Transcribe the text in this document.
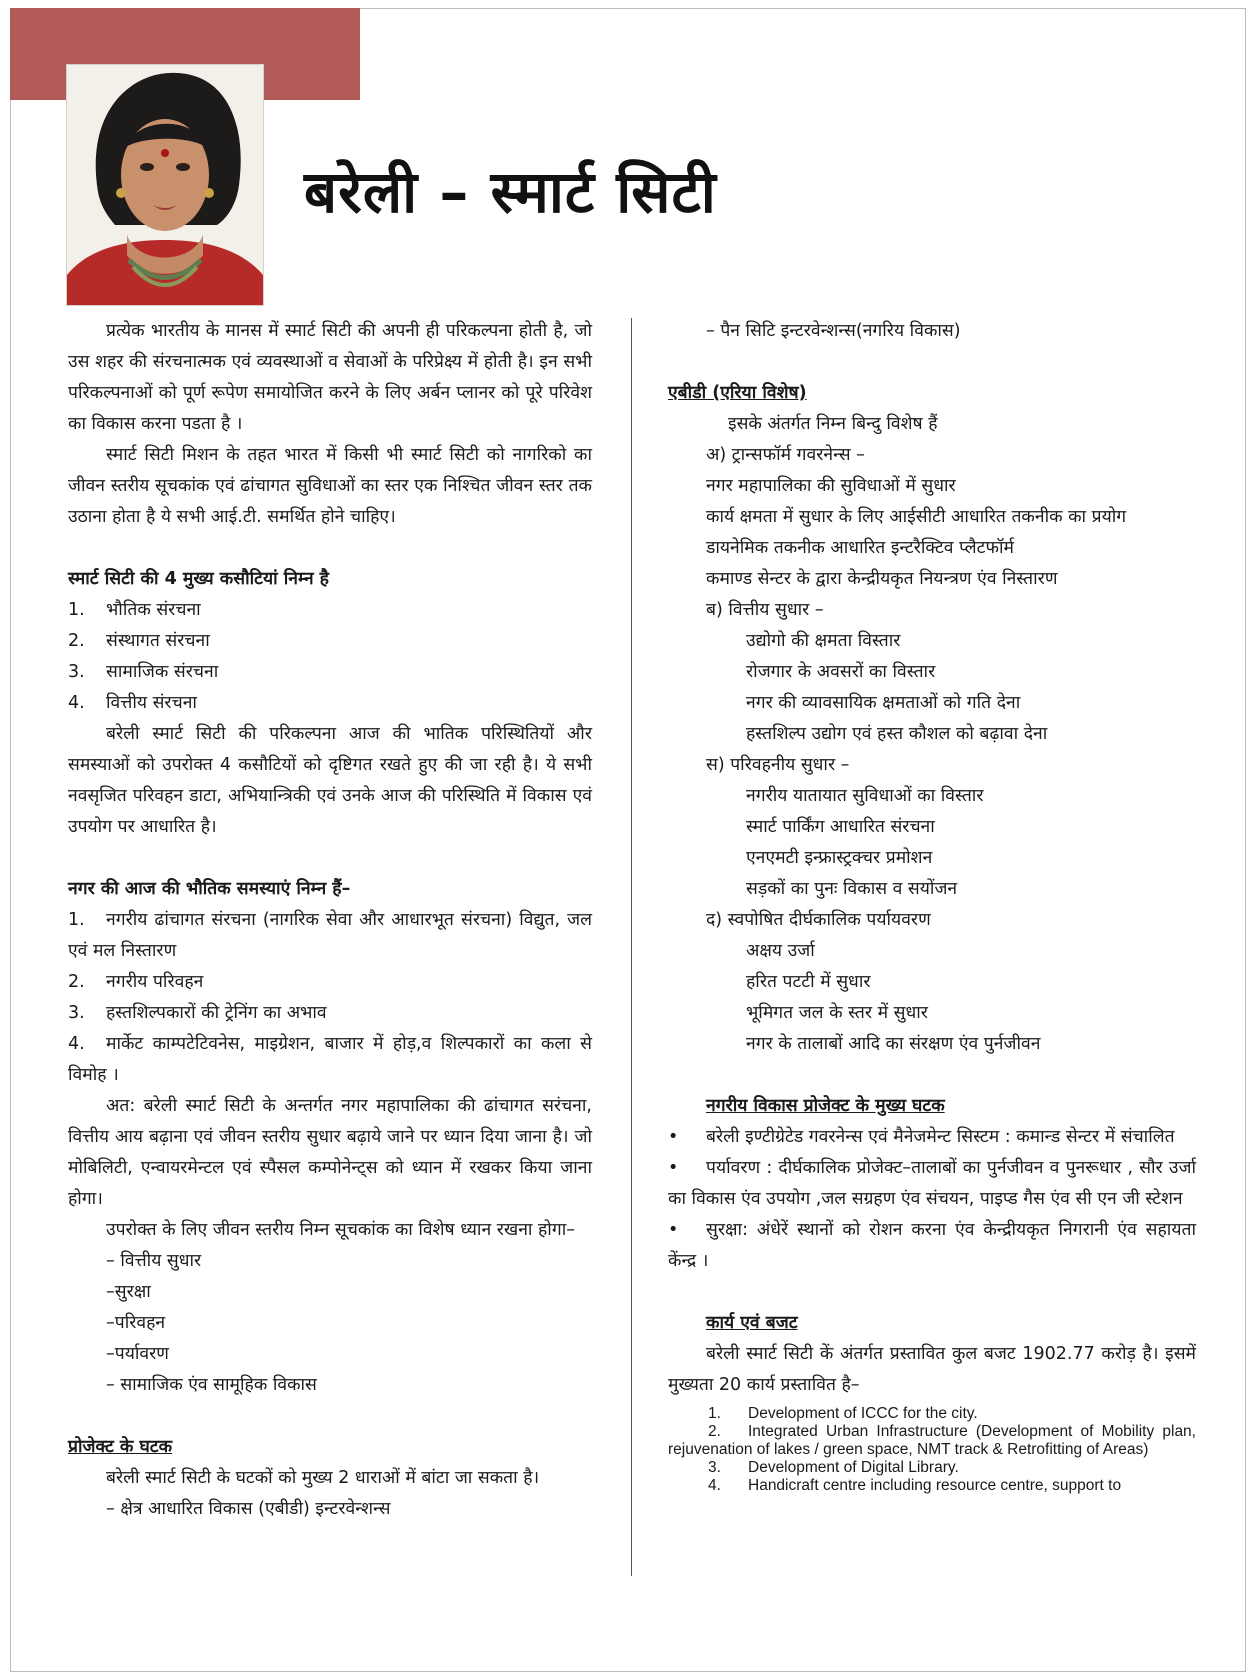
बरेली – स्मार्ट सिटी

प्रत्येक भारतीय के मानस में स्मार्ट सिटी की अपनी ही परिकल्पना होती है, जो उस शहर की संरचनात्मक एवं व्यवस्थाओं व सेवाओं के परिप्रेक्ष्य में होती है। इन सभी परिकल्पनाओं को पूर्ण रूपेण समायोजित करने के लिए अर्बन प्लानर को पूरे परिवेश का विकास करना पडता है ।

स्मार्ट सिटी मिशन के तहत भारत में किसी भी स्मार्ट सिटी को नागरिको का जीवन स्तरीय सूचकांक एवं ढांचागत सुविधाओं का स्तर एक निश्चित जीवन स्तर तक उठाना होता है ये सभी आई.टी. समर्थित होने चाहिए।

स्मार्ट सिटी की 4 मुख्य कसौटियां निम्न है

1.	भौतिक संरचना
2.	संस्थागत संरचना
3.	सामाजिक संरचना
4.	वित्तीय संरचना

बरेली स्मार्ट सिटी की परिकल्पना आज की भातिक परिस्थितियों और समस्याओं को उपरोक्त 4 कसौटियों को दृष्टिगत रखते हुए की जा रही है। ये सभी नवसृजित परिवहन डाटा, अभियान्त्रिकी एवं उनके आज की परिस्थिति में विकास एवं उपयोग पर आधारित है।

नगर की आज की भौतिक समस्याएं निम्न हैं–

1. नगरीय ढांचागत संरचना (नागरिक सेवा और आधारभूत संरचना) विद्युत, जल एवं मल निस्तारण

2. नगरीय परिवहन

3. हस्तशिल्पकारों की ट्रेनिंग का अभाव

4. मार्केट काम्पटेटिवनेस, माइग्रेशन, बाजार में होड़,व शिल्पकारों का कला से विमोह ।

अत: बरेली स्मार्ट सिटी के अन्तर्गत नगर महापालिका की ढांचागत सरंचना, वित्तीय आय बढ़ाना एवं जीवन स्तरीय सुधार बढ़ाये जाने पर ध्यान दिया जाना है। जो मोबिलिटी, एन्वायरमेन्टल एवं स्पैसल कम्पोनेन्ट्स को ध्यान में रखकर किया जाना होगा।

उपरोक्त के लिए जीवन स्तरीय निम्न सूचकांक का विशेष ध्यान रखना होगा–

– वित्तीय सुधार

–सुरक्षा

–परिवहन

–पर्यावरण

– सामाजिक एंव सामूहिक विकास

प्रोजेक्ट के घटक

बरेली स्मार्ट सिटी के घटकों को मुख्य 2 धाराओं में बांटा जा सकता है।

– क्षेत्र आधारित विकास (एबीडी) इन्टरवेन्शन्स

– पैन सिटि इन्टरवेन्शन्स(नगरिय विकास)

एबीडी (एरिया विशेष)

इसके अंतर्गत निम्न बिन्दु विशेष हैं

अ) ट्रान्सफॉर्म गवरनेन्स –

नगर महापालिका की सुविधाओं में सुधार

कार्य क्षमता में सुधार के लिए आईसीटी आधारित तकनीक का प्रयोग

डायनेमिक तकनीक आधारित इन्टरैक्टिव प्लैटफॉर्म

कमाण्ड सेन्टर के द्वारा केन्द्रीयकृत नियन्त्रण एंव निस्तारण

ब) वित्तीय सुधार –

उद्योगो की क्षमता विस्तार

रोजगार के अवसरों का विस्तार

नगर की व्यावसायिक क्षमताओं को गति देना

हस्तशिल्प उद्योग एवं हस्त कौशल को बढ़ावा देना

स) परिवहनीय सुधार –

नगरीय यातायात सुविधाओं का विस्तार

स्मार्ट पार्किंग आधारित संरचना

एनएमटी इन्फ्रास्ट्रक्चर प्रमोशन

सड़कों का पुनः विकास व सयोंजन

द) स्वपोषित दीर्घकालिक पर्यायवरण

अक्षय उर्जा

हरित पटटी में सुधार

भूमिगत जल के स्तर में सुधार

नगर के तालाबों आदि का संरक्षण एंव पुर्नजीवन

नगरीय विकास प्रोजेक्ट के मुख्य घटक

• बरेली इण्टीग्रेटेड गवरनेन्स एवं मैनेजमेन्ट सिस्टम : कमान्ड सेन्टर में संचालित

• पर्यावरण : दीर्घकालिक प्रोजेक्ट–तालाबों का पुर्नजीवन व पुनरूधार , सौर उर्जा का विकास एंव उपयोग ,जल सग्रहण एंव संचयन, पाइप्ड गैस एंव सी एन जी स्टेशन

• सुरक्षा: अंधेरें स्थानों को रोशन करना एंव केन्द्रीयकृत निगरानी एंव सहायता केंन्द्र ।

कार्य एवं बजट

बरेली स्मार्ट सिटी कें अंतर्गत प्रस्तावित कुल बजट 1902.77 करोड़ है। इसमें मुख्यता 20 कार्य प्रस्तावित है–

1. Development of ICCC for the city.
2. Integrated Urban Infrastructure (Development of Mobility plan, rejuvenation of lakes / green space, NMT track & Retrofitting of Areas)
3. Development of Digital Library.
4. Handicraft centre including resource centre, support to
